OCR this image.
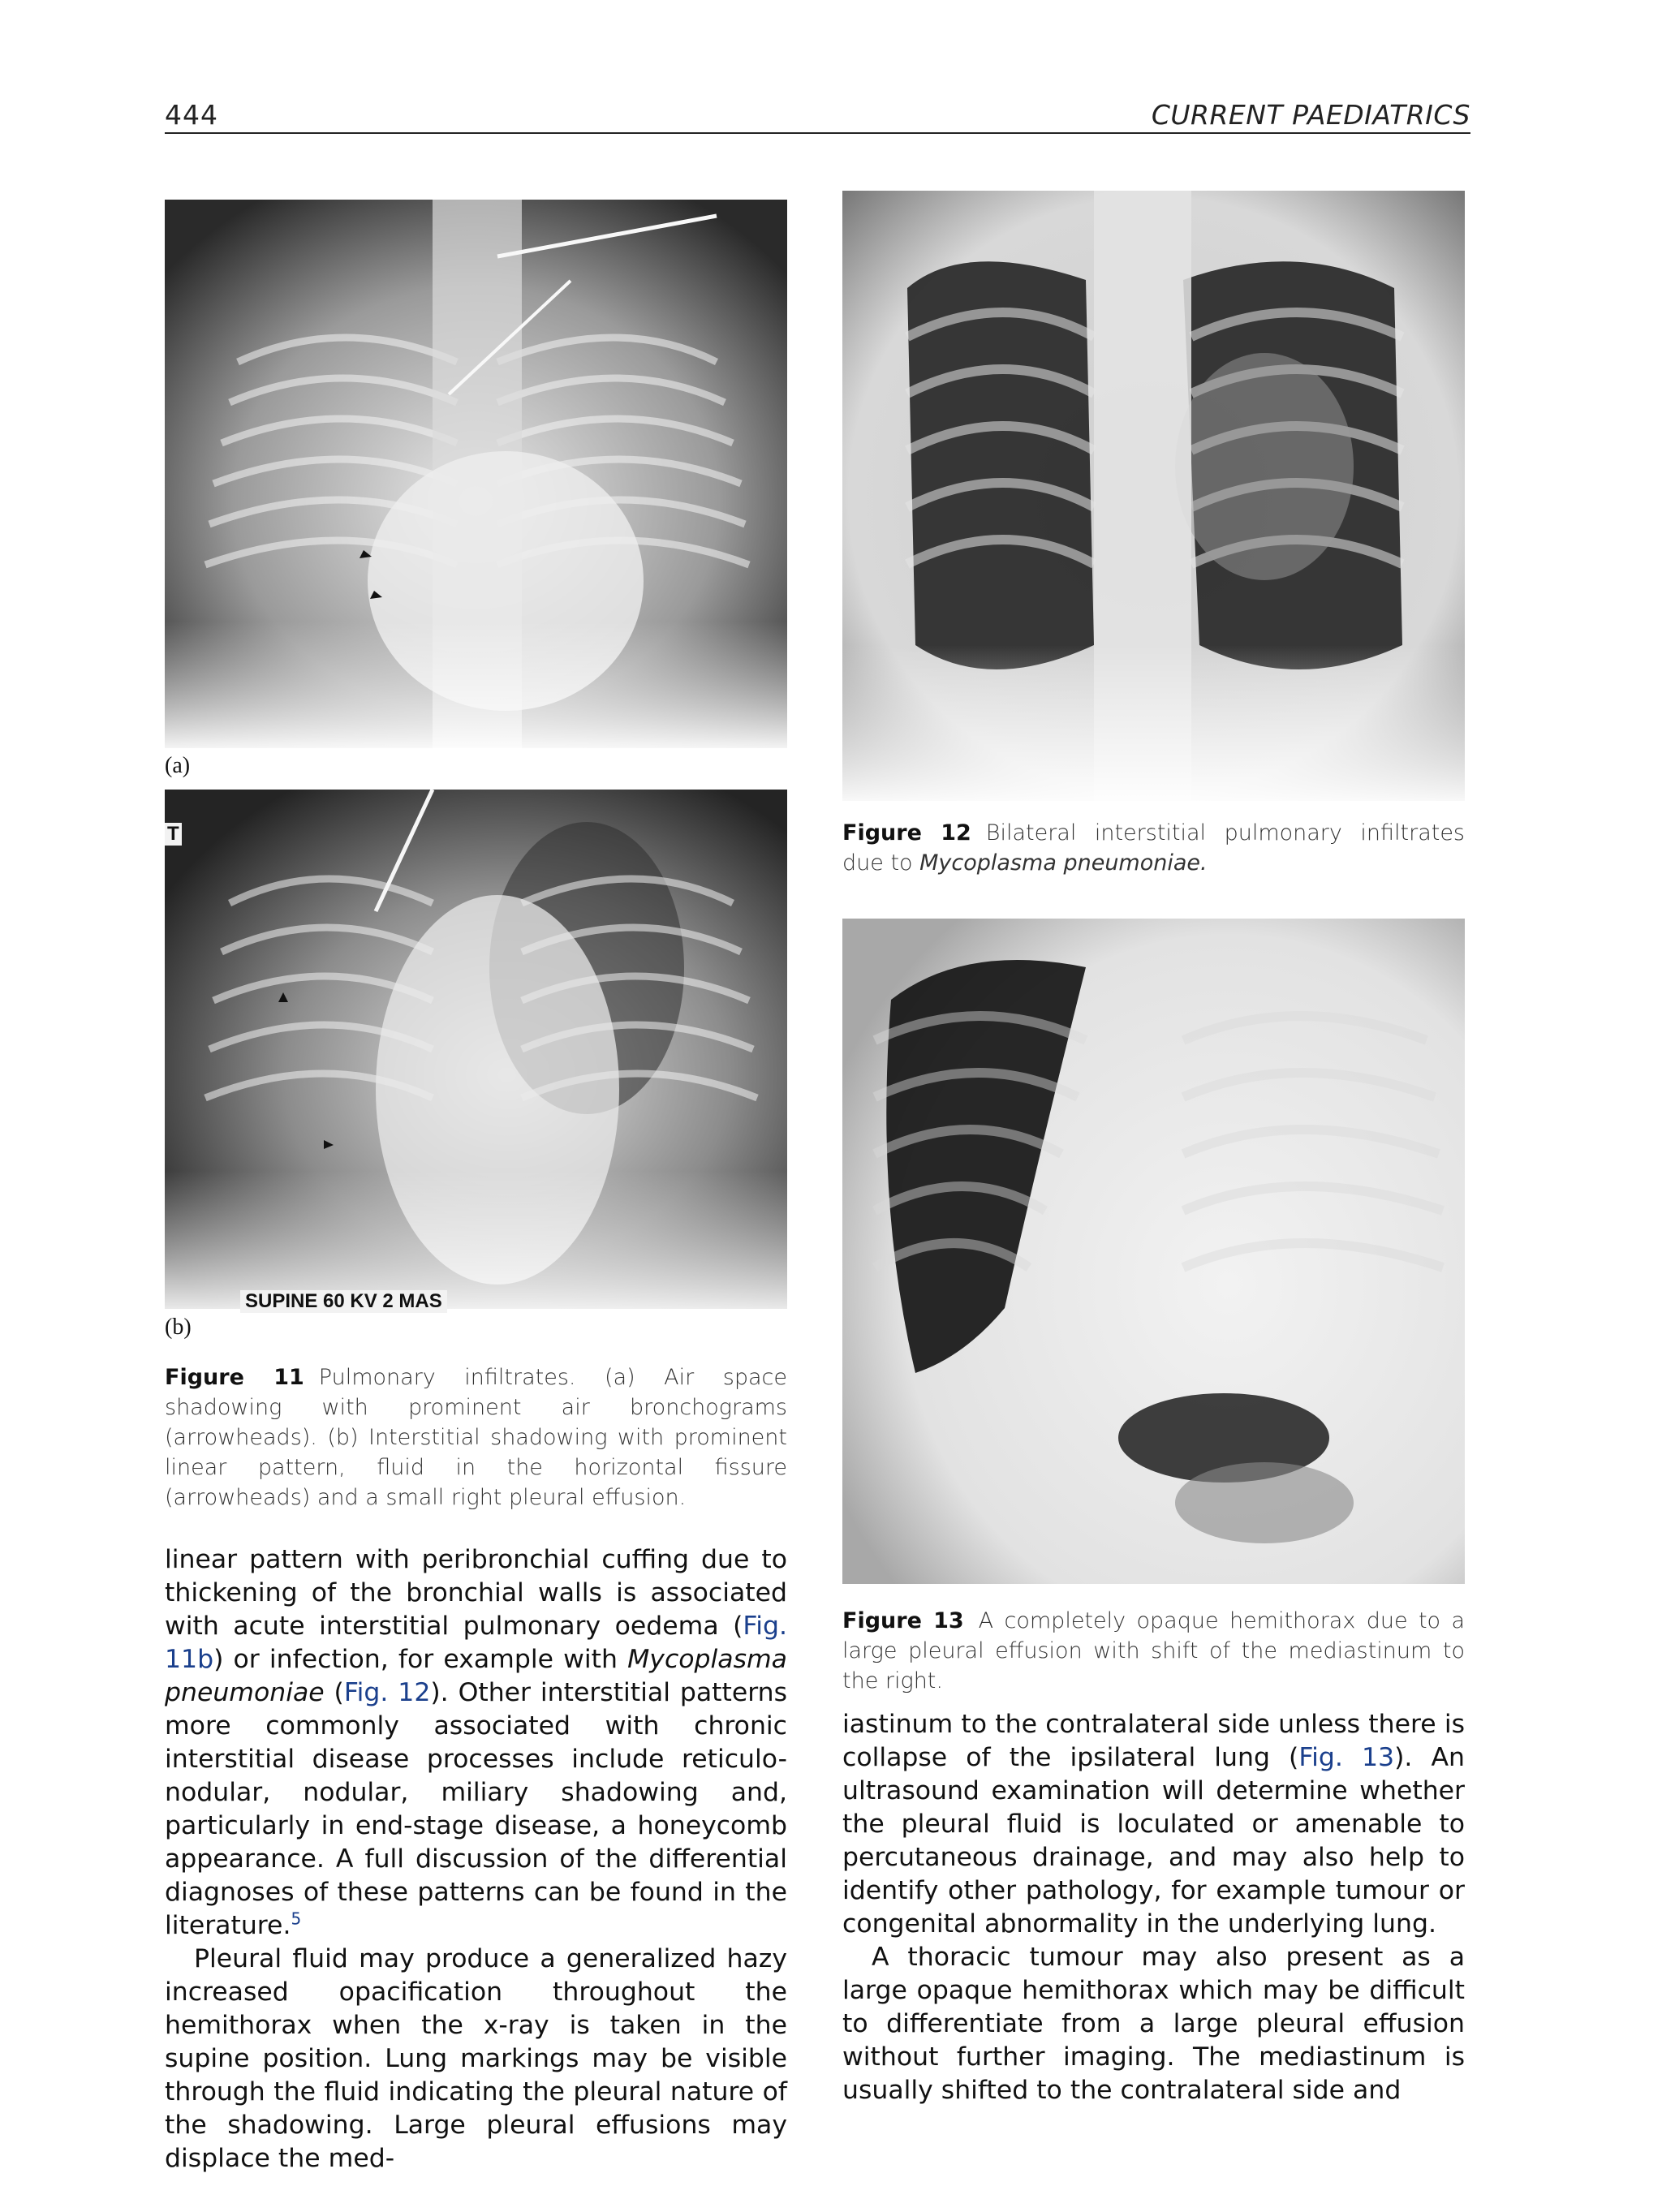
444	CURRENT PAEDIATRICS
(a)
T
SUPINE 60 KV 2 MAS
(b)
Figure 11 Pulmonary infiltrates. (a) Air space shadowing with prominent air bronchograms (arrowheads). (b) Interstitial shadowing with prominent linear pattern, fluid in the horizontal fissure (arrowheads) and a small right pleural effusion.
Figure 12 Bilateral interstitial pulmonary infiltrates due to Mycoplasma pneumoniae.
Figure 13 A completely opaque hemithorax due to a large pleural effusion with shift of the mediastinum to the right.

linear pattern with peribronchial cuffing due to thickening of the bronchial walls is associated with acute interstitial pulmonary oedema (Fig. 11b) or infection, for example with Mycoplasma pneumoniae (Fig. 12). Other interstitial patterns more commonly associated with chronic interstitial disease processes include reticulo-nodular, nodular, miliary shadowing and, particularly in end-stage disease, a honeycomb appearance. A full discussion of the differential diagnoses of these patterns can be found in the literature.$^5$

Pleural fluid may produce a generalized hazy increased opacification throughout the hemithorax when the x-ray is taken in the supine position. Lung markings may be visible through the fluid indicating the pleural nature of the shadowing. Large pleural effusions may displace the med-

iastinum to the contralateral side unless there is collapse of the ipsilateral lung (Fig. 13). An ultrasound examination will determine whether the pleural fluid is loculated or amenable to percutaneous drainage, and may also help to identify other pathology, for example tumour or congenital abnormality in the underlying lung.

A thoracic tumour may also present as a large opaque hemithorax which may be difficult to differentiate from a large pleural effusion without further imaging. The mediastinum is usually shifted to the contralateral side and
